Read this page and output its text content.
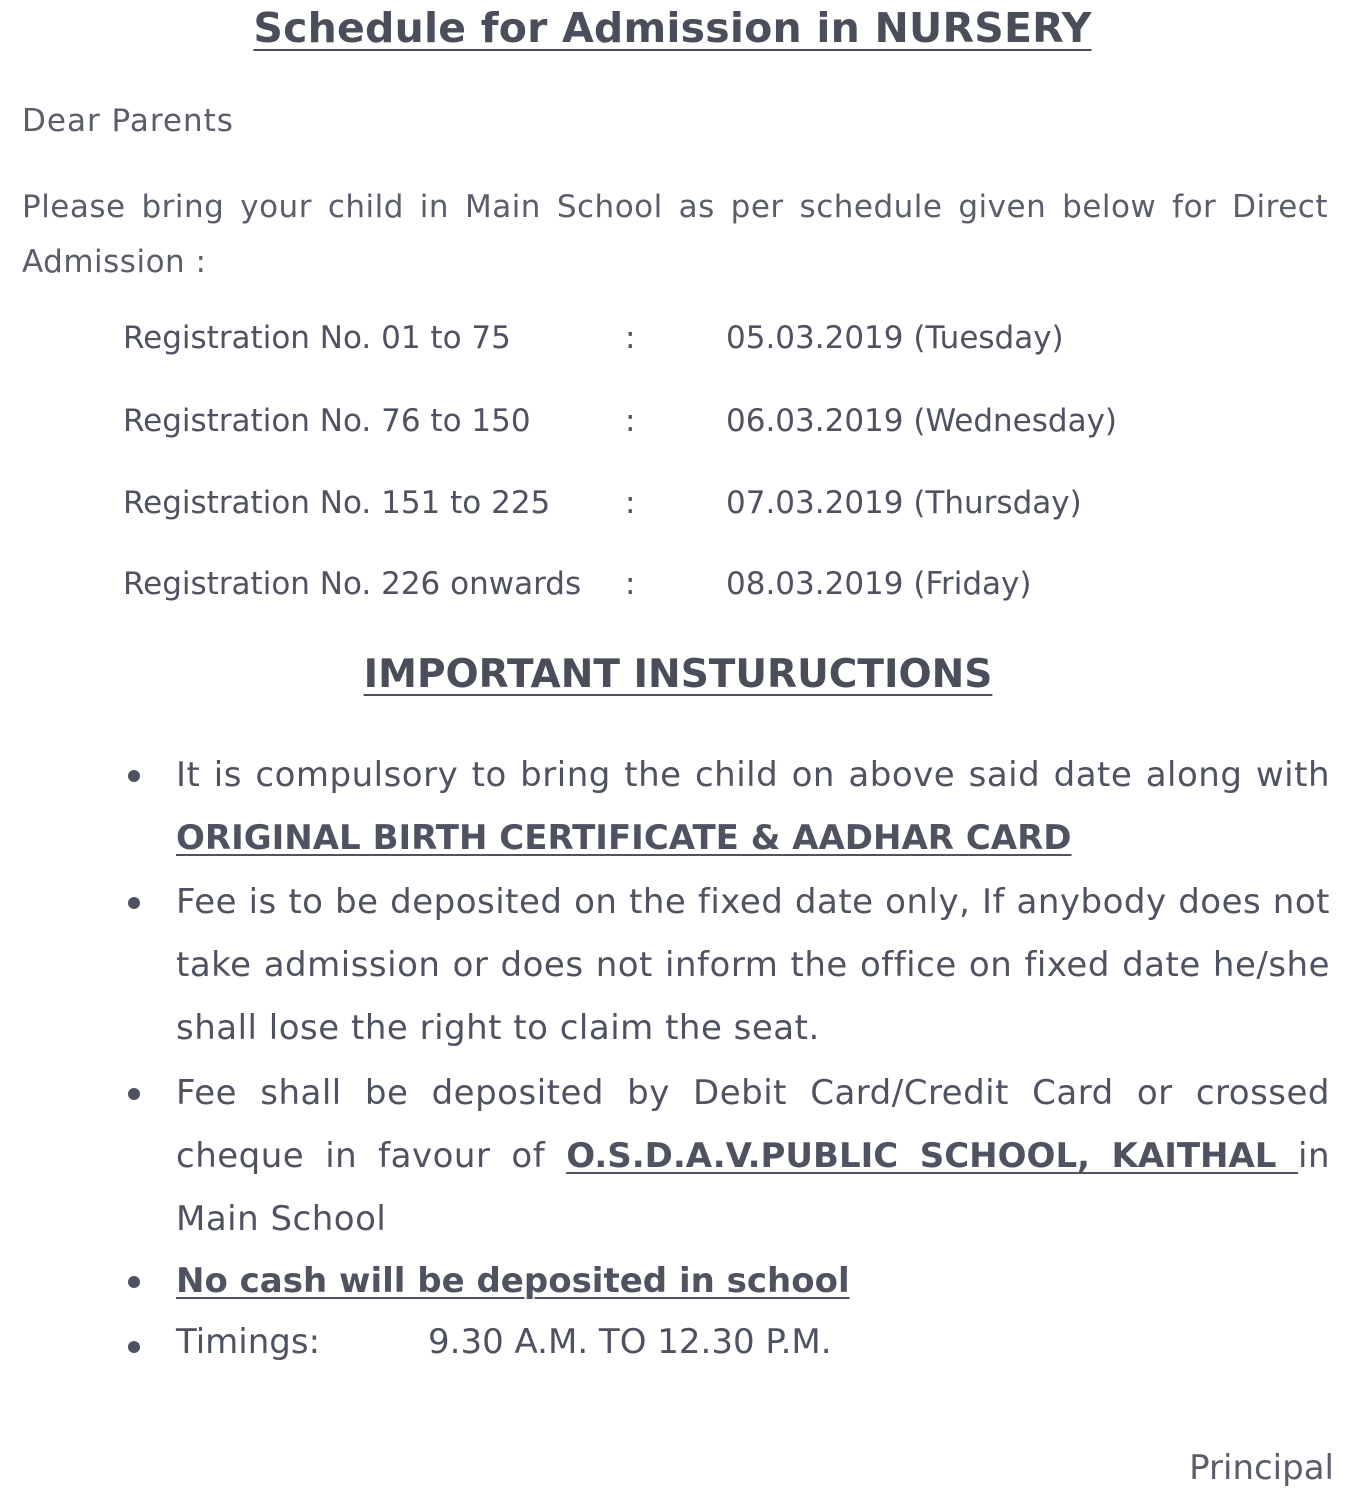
Schedule for Admission in NURSERY
Dear Parents
Please bring your child in Main School as per schedule given below for Direct Admission :
Registration No. 01 to 75	:	05.03.2019 (Tuesday)
Registration No. 76 to 150	:	06.03.2019 (Wednesday)
Registration No. 151 to 225 :	07.03.2019 (Thursday)
Registration No. 226 onwards :	08.03.2019 (Friday)
IMPORTANT INSTURUCTIONS
It is compulsory to bring the child on above said date along with ORIGINAL BIRTH CERTIFICATE & AADHAR CARD
Fee is to be deposited on the fixed date only, If anybody does not take admission or does not inform the office on fixed date he/she shall lose the right to claim the seat.
Fee shall be deposited by Debit Card/Credit Card or crossed cheque in favour of O.S.D.A.V.PUBLIC SCHOOL, KAITHAL in Main School
No cash will be deposited in school
Timings:	9.30 A.M. TO 12.30 P.M.
Principal
